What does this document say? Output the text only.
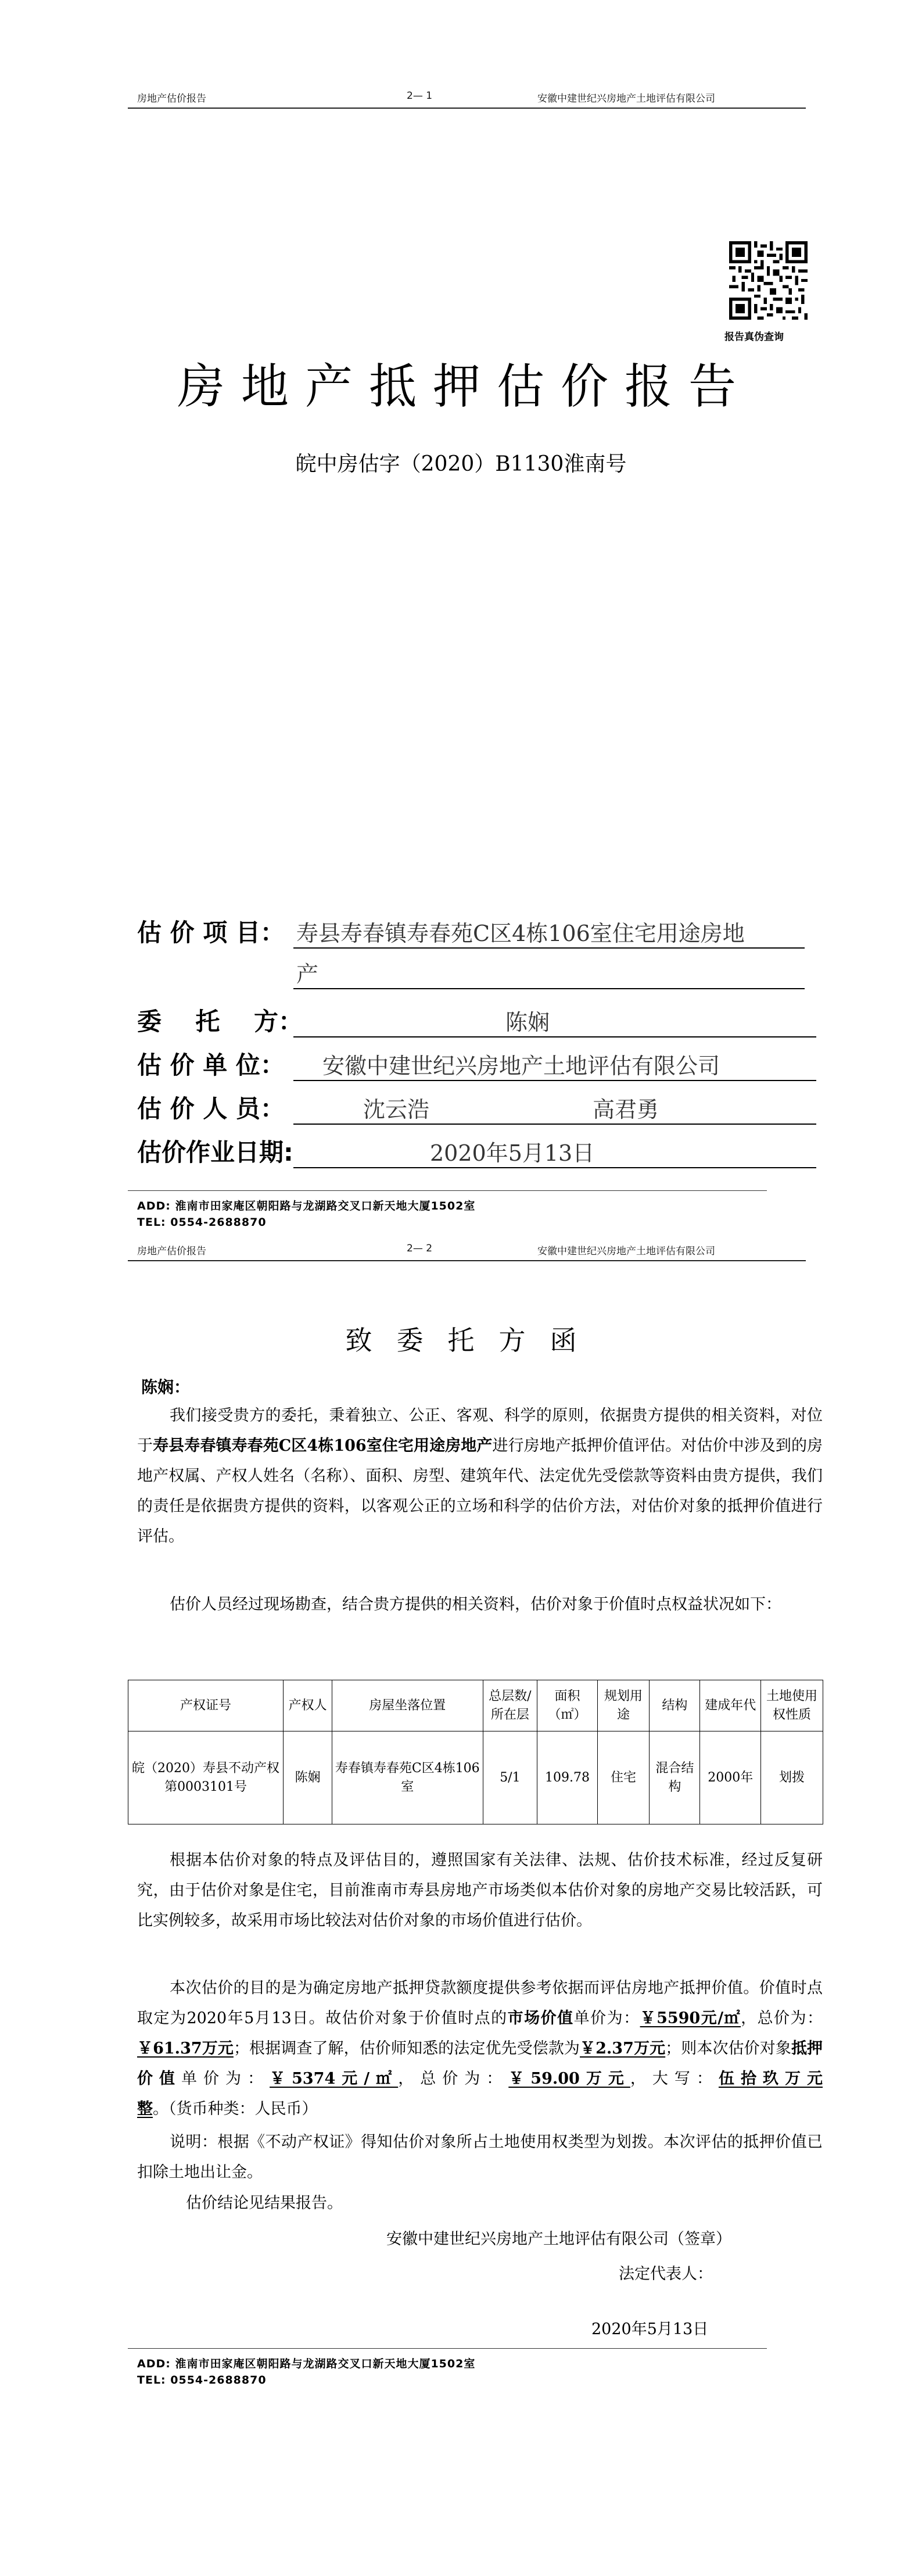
房地产估价报告	2— 1	安徽中建世纪兴房地产土地评估有限公司
报告真伪查询
房地产抵押估价报告
皖中房估字（2020）B1130淮南号
估 价 项 目： 寿县寿春镇寿春苑C区4栋106室住宅用途房地
产
委    托    方：	陈娴
估 价 单 位： 安徽中建世纪兴房地产土地评估有限公司
估 价 人 员：	沈云浩	高君勇
估价作业日期:	2020年5月13日
ADD: 淮南市田家庵区朝阳路与龙湖路交叉口新天地大厦1502室
TEL: 0554-2688870
房地产估价报告	2— 2	安徽中建世纪兴房地产土地评估有限公司
致委托方函
陈娴：
我们接受贵方的委托，秉着独立、公正、客观、科学的原则，依据贵方提供的相关资料，对位于寿县寿春镇寿春苑C区4栋106室住宅用途房地产进行房地产抵押价值评估。对估价中涉及到的房地产权属、产权人姓名（名称）、面积、房型、建筑年代、法定优先受偿款等资料由贵方提供，我们的责任是依据贵方提供的资料，以客观公正的立场和科学的估价方法，对估价对象的抵押价值进行评估。
估价人员经过现场勘查，结合贵方提供的相关资料，估价对象于价值时点权益状况如下：
产权证号	产权人	房屋坐落位置	总层数/所在层	面积（㎡）	规划用途	结构	建成年代	土地使用权性质
皖（2020）寿县不动产权第0003101号	陈娴	寿春镇寿春苑C区4栋106室	5/1	109.78	住宅	混合结构	2000年	划拨
根据本估价对象的特点及评估目的，遵照国家有关法律、法规、估价技术标准，经过反复研究，由于估价对象是住宅，目前淮南市寿县房地产市场类似本估价对象的房地产交易比较活跃，可比实例较多，故采用市场比较法对估价对象的市场价值进行估价。
本次估价的目的是为确定房地产抵押贷款额度提供参考依据而评估房地产抵押价值。价值时点取定为2020年5月13日。故估价对象于价值时点的市场价值单价为：￥5590元/㎡，总价为：￥61.37万元；根据调查了解，估价师知悉的法定优先受偿款为￥2.37万元；则本次估价对象抵押价值单价为：￥5374元/㎡，总价为：￥59.00万元，大写：伍拾玖万元整。（货币种类：人民币）
说明：根据《不动产权证》得知估价对象所占土地使用权类型为划拨。本次评估的抵押价值已扣除土地出让金。
估价结论见结果报告。
安徽中建世纪兴房地产土地评估有限公司（签章）
法定代表人：
2020年5月13日
ADD: 淮南市田家庵区朝阳路与龙湖路交叉口新天地大厦1502室
TEL: 0554-2688870
